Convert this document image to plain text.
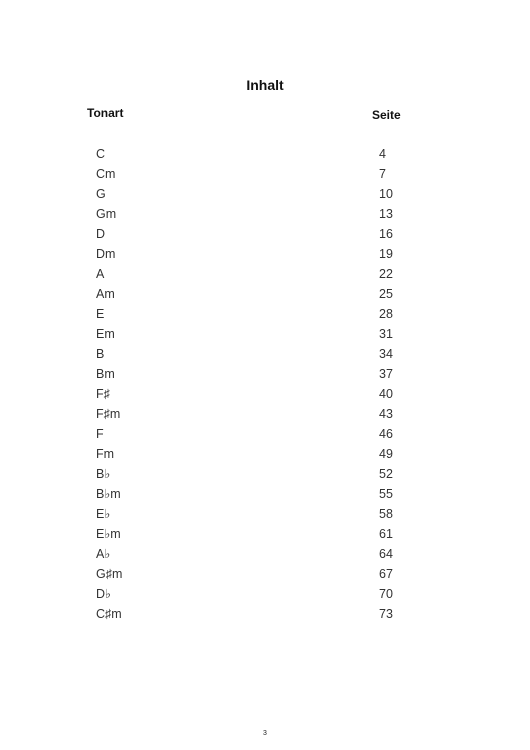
Inhalt
Tonart	Seite
C	4
Cm	7
G	10
Gm	13
D	16
Dm	19
A	22
Am	25
E	28
Em	31
B	34
Bm	37
F♯	40
F♯m	43
F	46
Fm	49
B♭	52
B♭m	55
E♭	58
E♭m	61
A♭	64
G♯m	67
D♭	70
C♯m	73
3
